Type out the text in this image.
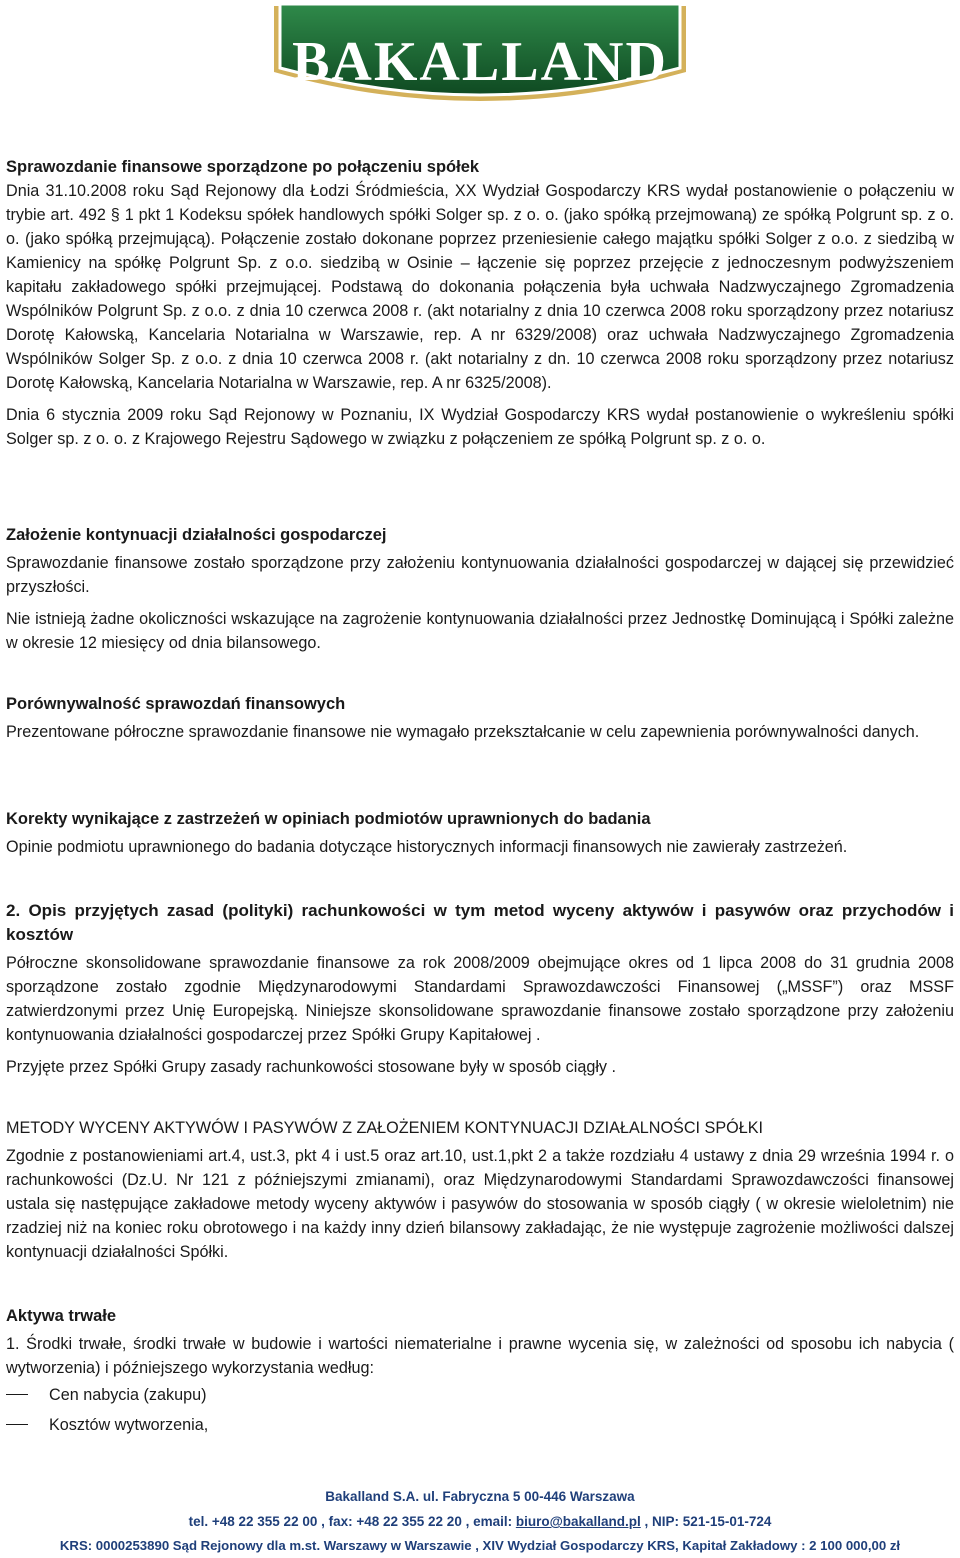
BAKALLAND

Sprawozdanie finansowe sporządzone po połączeniu spółek

Dnia 31.10.2008 roku Sąd Rejonowy dla Łodzi Śródmieścia, XX Wydział Gospodarczy KRS wydał postanowienie o połączeniu w trybie art. 492 § 1 pkt 1 Kodeksu spółek handlowych spółki Solger sp. z o. o. (jako spółką przejmowaną) ze spółką Polgrunt sp. z o. o. (jako spółką przejmującą). Połączenie zostało dokonane poprzez przeniesienie całego majątku spółki Solger z o.o. z siedzibą w Kamienicy na spółkę Polgrunt Sp. z o.o. siedzibą w Osinie – łączenie się poprzez przejęcie z jednoczesnym podwyższeniem kapitału zakładowego spółki przejmującej. Podstawą do dokonania połączenia była uchwała Nadzwyczajnego Zgromadzenia Wspólników Polgrunt Sp. z o.o. z dnia 10 czerwca 2008 r. (akt notarialny z dnia 10 czerwca 2008 roku sporządzony przez notariusz Dorotę Kałowską, Kancelaria Notarialna w Warszawie, rep. A nr 6329/2008) oraz uchwała Nadzwyczajnego Zgromadzenia Wspólników Solger Sp. z o.o. z dnia 10 czerwca 2008 r. (akt notarialny z dn. 10 czerwca 2008 roku sporządzony przez notariusz Dorotę Kałowską, Kancelaria Notarialna w Warszawie, rep. A nr 6325/2008).

Dnia 6 stycznia 2009 roku Sąd Rejonowy w Poznaniu, IX Wydział Gospodarczy KRS wydał postanowienie o wykreśleniu spółki Solger sp. z o. o. z Krajowego Rejestru Sądowego w związku z połączeniem ze spółką Polgrunt sp. z o. o.

Założenie kontynuacji działalności gospodarczej

Sprawozdanie finansowe zostało sporządzone przy założeniu kontynuowania działalności gospodarczej w dającej się przewidzieć przyszłości.

Nie istnieją żadne okoliczności wskazujące na zagrożenie kontynuowania działalności przez Jednostkę Dominującą i Spółki zależne w okresie 12 miesięcy od dnia bilansowego.

Porównywalność sprawozdań finansowych

Prezentowane półroczne sprawozdanie finansowe nie wymagało przekształcanie w celu zapewnienia porównywalności danych.

Korekty wynikające z zastrzeżeń w opiniach podmiotów uprawnionych do badania

Opinie podmiotu uprawnionego do badania dotyczące historycznych informacji finansowych nie zawierały zastrzeżeń.

2. Opis przyjętych zasad (polityki) rachunkowości w tym metod wyceny aktywów i pasywów oraz przychodów i kosztów

Półroczne skonsolidowane sprawozdanie finansowe za rok 2008/2009 obejmujące okres od 1 lipca 2008 do 31 grudnia 2008 sporządzone zostało zgodnie Międzynarodowymi Standardami Sprawozdawczości Finansowej („MSSF”) oraz MSSF zatwierdzonymi przez Unię Europejską. Niniejsze skonsolidowane sprawozdanie finansowe zostało sporządzone przy założeniu kontynuowania działalności gospodarczej przez Spółki Grupy Kapitałowej .

Przyjęte przez Spółki Grupy zasady rachunkowości stosowane były w sposób ciągły .

METODY WYCENY AKTYWÓW I PASYWÓW Z ZAŁOŻENIEM KONTYNUACJI DZIAŁALNOŚCI SPÓŁKI

Zgodnie z postanowieniami art.4, ust.3, pkt 4 i ust.5 oraz art.10, ust.1,pkt 2 a także rozdziału 4 ustawy z dnia 29 września 1994 r. o rachunkowości (Dz.U. Nr 121 z późniejszymi zmianami), oraz Międzynarodowymi Standardami Sprawozdawczości finansowej ustala się następujące zakładowe metody wyceny aktywów i pasywów do stosowania w sposób ciągły ( w okresie wieloletnim) nie rzadziej niż na koniec roku obrotowego i na każdy inny dzień bilansowy zakładając, że nie występuje zagrożenie możliwości dalszej kontynuacji działalności Spółki.

Aktywa trwałe

1. Środki trwałe, środki trwałe w budowie i wartości niematerialne i prawne wycenia się, w zależności od sposobu ich nabycia ( wytworzenia) i późniejszego wykorzystania według:

Cen nabycia (zakupu)
Kosztów wytworzenia,
Bakalland S.A. ul. Fabryczna 5 00-446 Warszawa
tel. +48 22 355 22 00 , fax: +48 22 355 22 20 , email: biuro@bakalland.pl , NIP: 521-15-01-724
KRS: 0000253890 Sąd Rejonowy dla m.st. Warszawy w Warszawie , XIV Wydział Gospodarczy KRS, Kapitał Zakładowy : 2 100 000,00 zł
